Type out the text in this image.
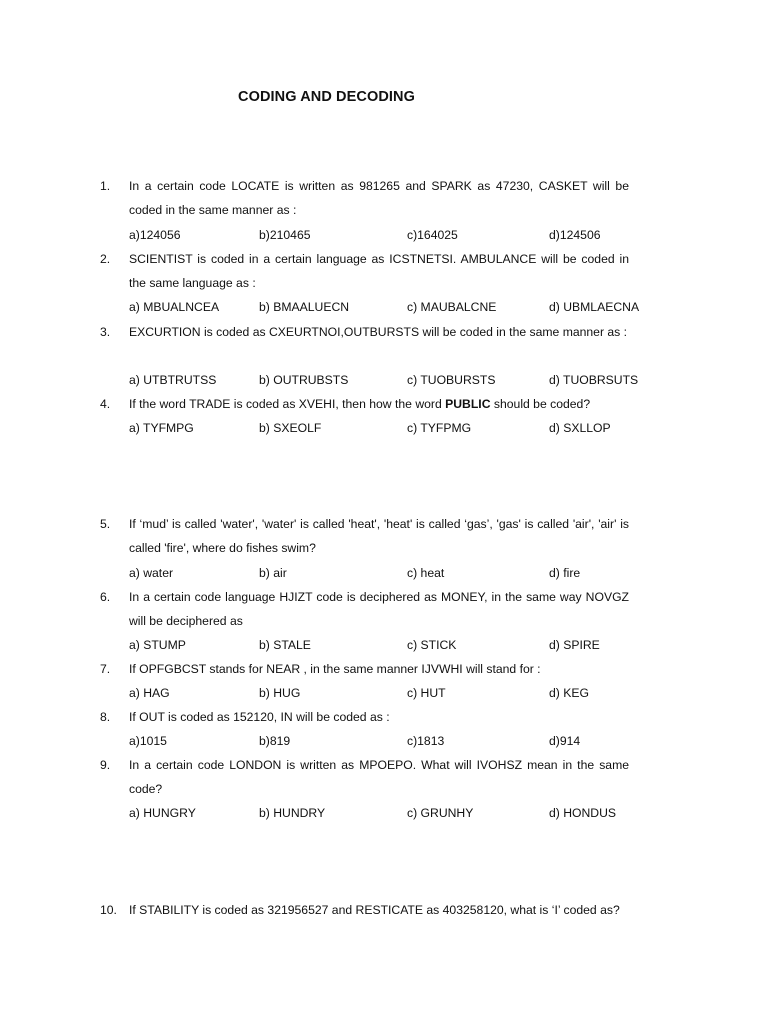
CODING AND DECODING
1.	In a certain code LOCATE is written as 981265 and SPARK as 47230, CASKET will be coded in the same manner as :
a)124056	b)210465	c)164025	d)124506
2.	SCIENTIST is coded in a certain language as ICSTNETSI. AMBULANCE will be coded in the same language as :
a) MBUALNCEA	b) BMAALUECN	c) MAUBALCNE	d) UBMLAECNA
3.	EXCURTION is coded as CXEURTNOI,OUTBURSTS will be coded in the same manner as :
a) UTBTRUTSS	b) OUTRUBSTS	c) TUOBURSTS	d) TUOBRSUTS
4.	If the word TRADE is coded as XVEHI, then how the word PUBLIC should be coded?
a) TYFMPG	b) SXEOLF	c) TYFPMG	d) SXLLOP
5.	If ‘mud’ is called 'water', 'water' is called 'heat', 'heat' is called ‘gas’, 'gas' is called 'air', 'air' is called 'fire', where do fishes swim?
a) water	b) air	c) heat	d) fire
6.	In a certain code language HJIZT code is deciphered as MONEY, in the same way NOVGZ will be deciphered as
a) STUMP	b) STALE	c) STICK	d) SPIRE
7.	If OPFGBCST stands for NEAR , in the same manner IJVWHI will stand for :
a) HAG	b) HUG	c) HUT	d) KEG
8.	If OUT is coded as 152120, IN will be coded as :
a)1015	b)819	c)1813	d)914
9.	In a certain code LONDON is written as MPOEPO. What will IVOHSZ mean in the same code?
a) HUNGRY	b) HUNDRY	c) GRUNHY	d) HONDUS
10. If STABILITY is coded as 321956527 and RESTICATE as 403258120, what is ‘I’ coded as?
